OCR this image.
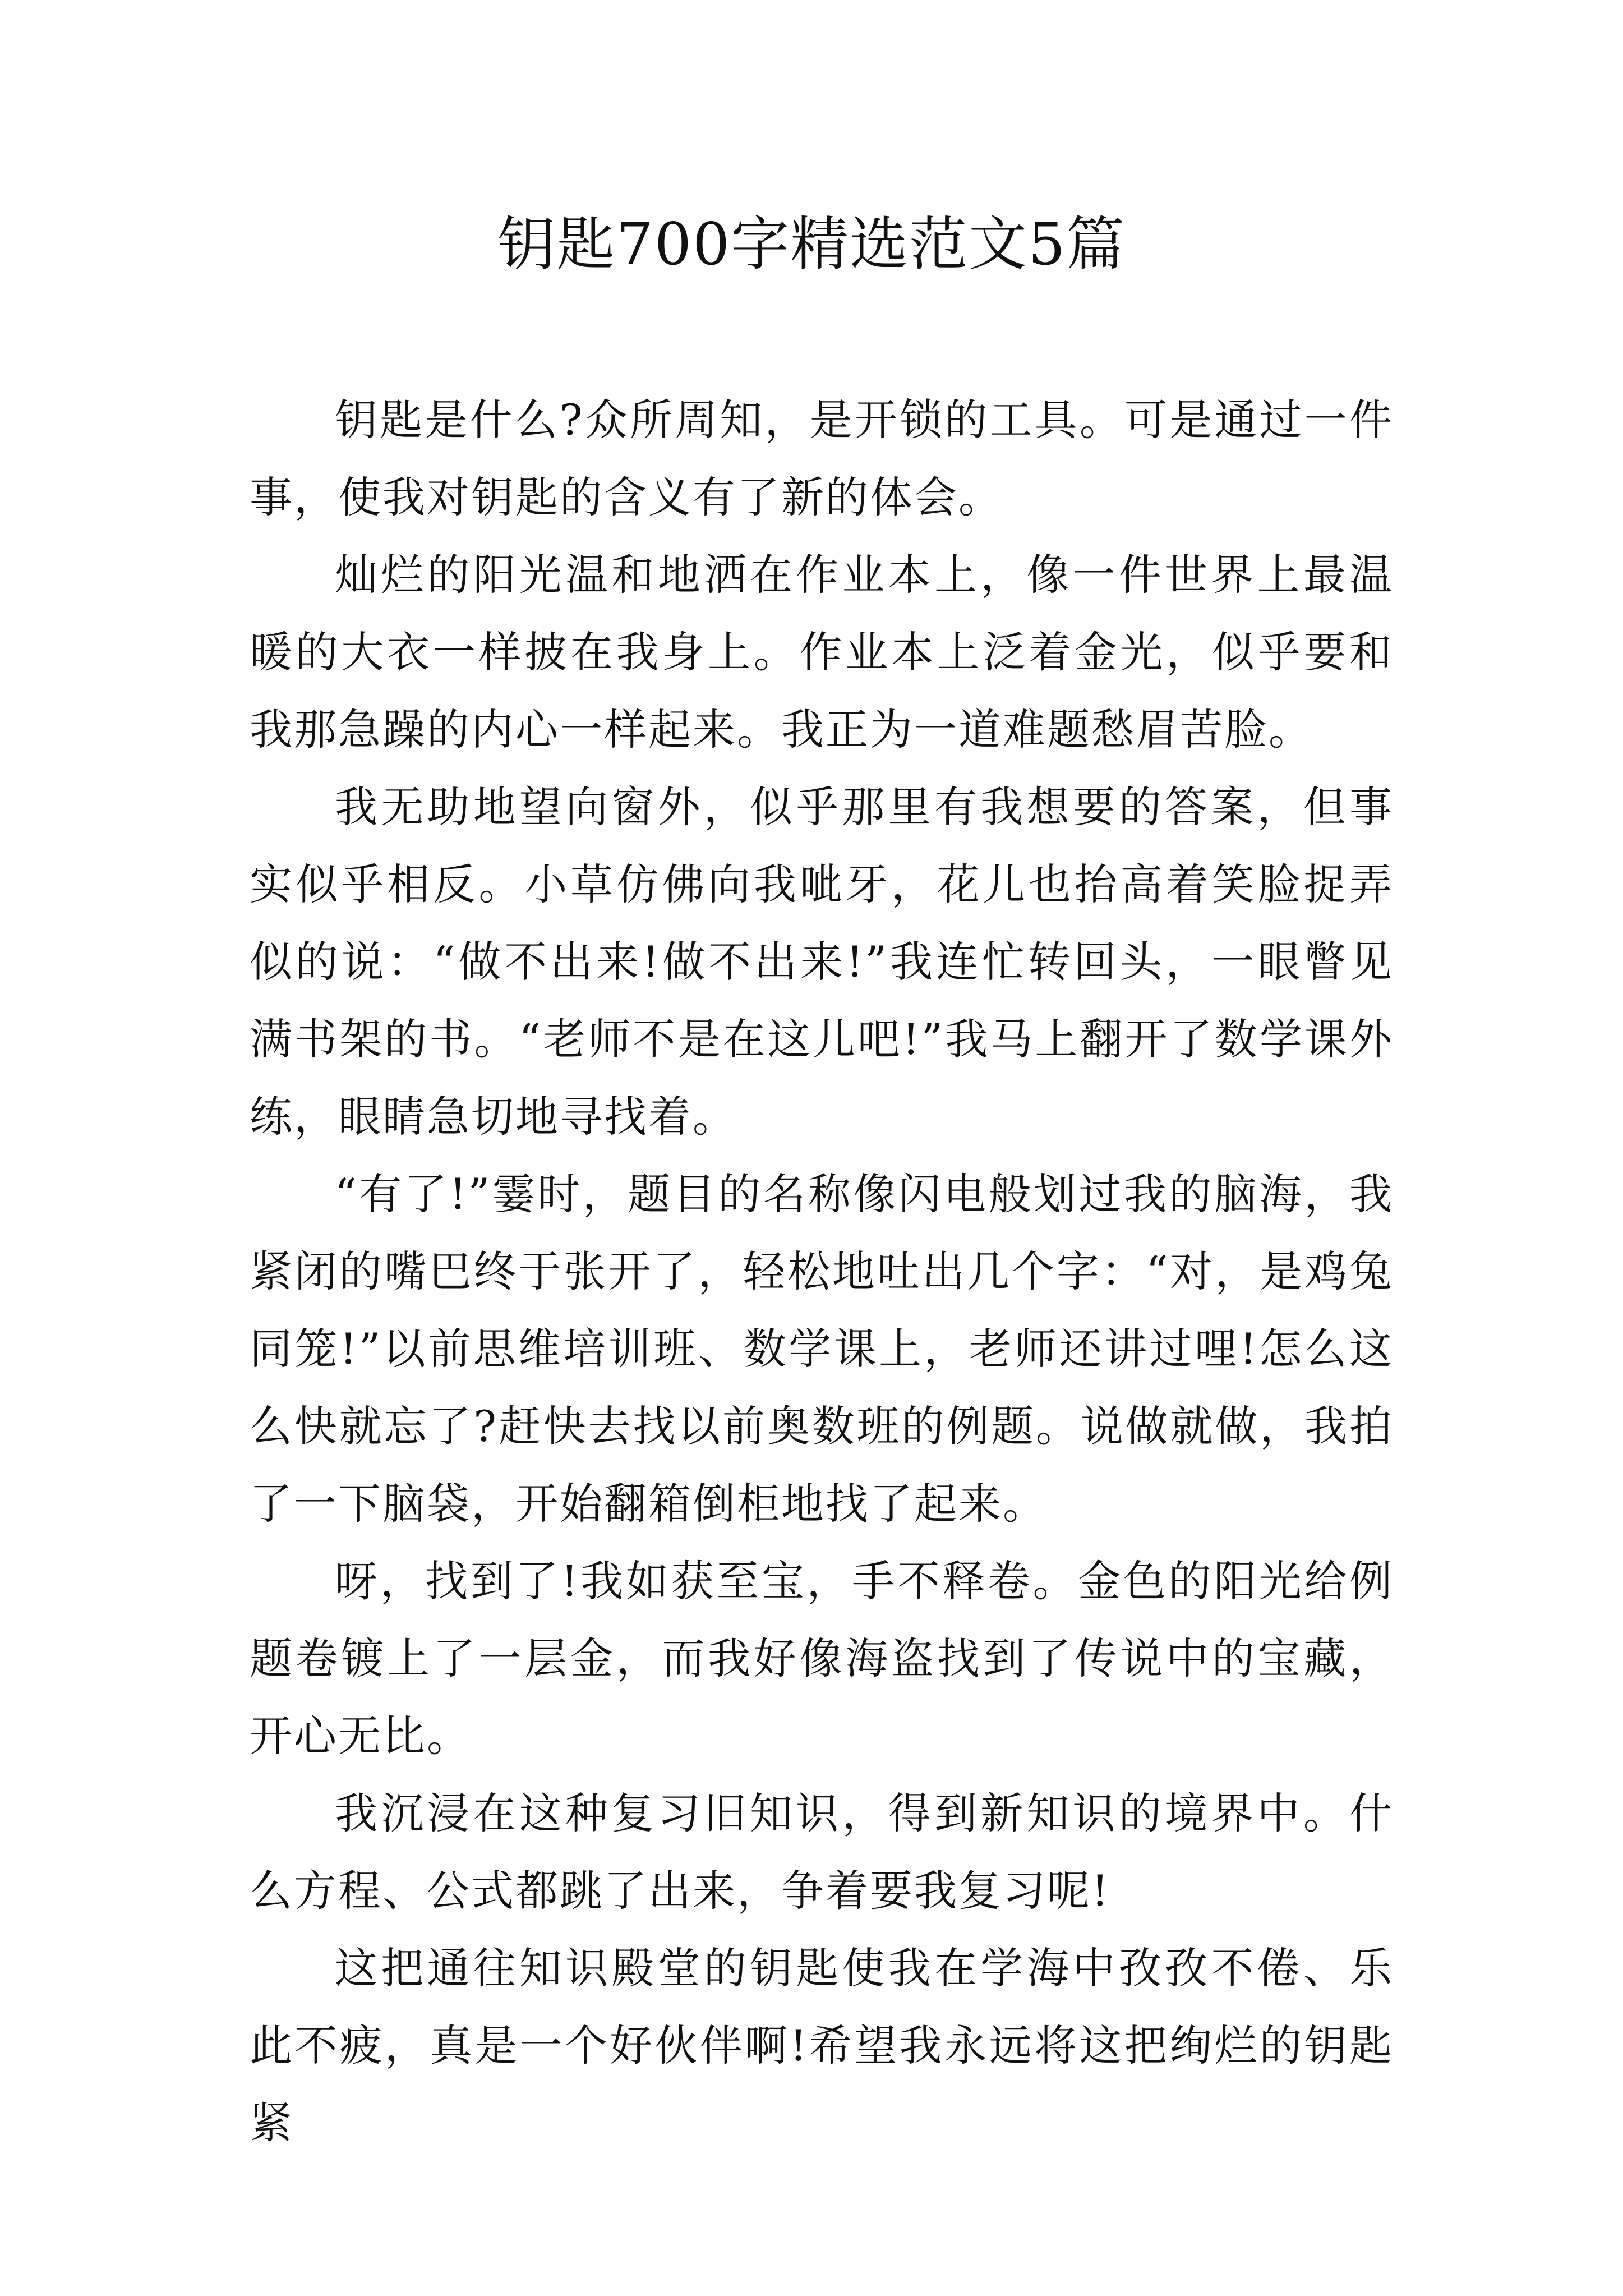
钥匙700字精选范文5篇

钥匙是什么?众所周知，是开锁的工具。可是通过一件事，使我对钥匙的含义有了新的体会。

灿烂的阳光温和地洒在作业本上，像一件世界上最温暖的大衣一样披在我身上。作业本上泛着金光，似乎要和我那急躁的内心一样起来。我正为一道难题愁眉苦脸。

我无助地望向窗外，似乎那里有我想要的答案，但事实似乎相反。小草仿佛向我呲牙，花儿也抬高着笑脸捉弄似的说：“做不出来!做不出来!”我连忙转回头，一眼瞥见满书架的书。“老师不是在这儿吧!”我马上翻开了数学课外练，眼睛急切地寻找着。

“有了!”霎时，题目的名称像闪电般划过我的脑海，我紧闭的嘴巴终于张开了，轻松地吐出几个字：“对，是鸡兔同笼!”以前思维培训班、数学课上，老师还讲过哩!怎么这么快就忘了?赶快去找以前奥数班的例题。说做就做，我拍了一下脑袋，开始翻箱倒柜地找了起来。

呀，找到了!我如获至宝，手不释卷。金色的阳光给例题卷镀上了一层金，而我好像海盗找到了传说中的宝藏，开心无比。

我沉浸在这种复习旧知识，得到新知识的境界中。什么方程、公式都跳了出来，争着要我复习呢!

这把通往知识殿堂的钥匙使我在学海中孜孜不倦、乐此不疲，真是一个好伙伴啊!希望我永远将这把绚烂的钥匙紧
